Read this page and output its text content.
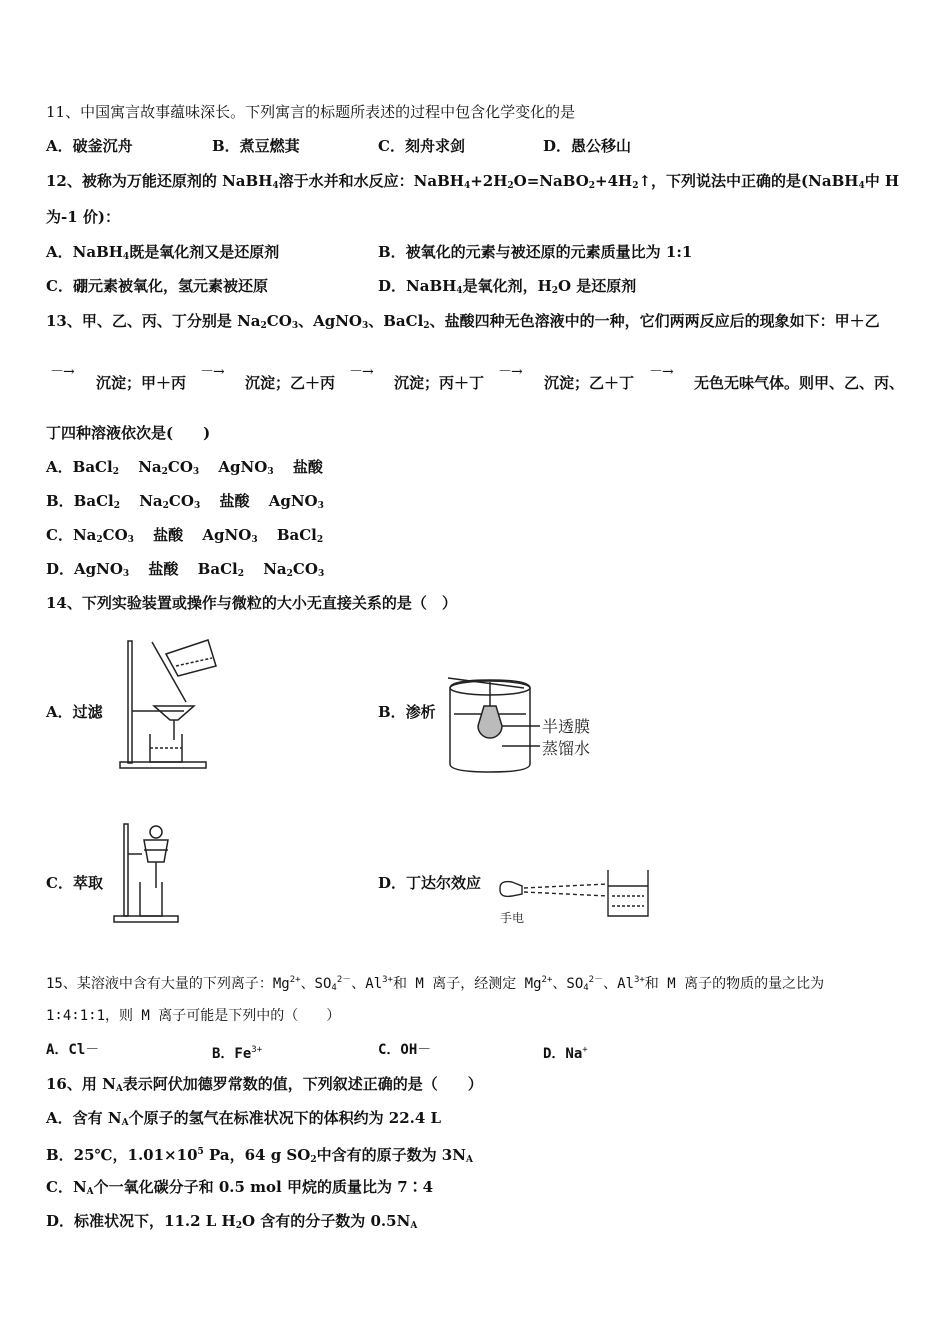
11、中国寓言故事蕴味深长。下列寓言的标题所表述的过程中包含化学变化的是
A．破釜沉舟	B．煮豆燃萁	C．刻舟求剑	D．愚公移山
12、被称为万能还原剂的 NaBH$_4$溶于水并和水反应：$NaBH_4+2H_2O=NaBO_2+4H_2↑$，下列说法中正确的是(NaBH$_4$中 H
为-1 价)：
A．NaBH$_4$既是氧化剂又是还原剂	B．被氧化的元素与被还原的元素质量比为 1:1
C．硼元素被氧化，氢元素被还原	D．NaBH$_4$是氧化剂，$H_2O$ 是还原剂
13、甲、乙、丙、丁分别是 $Na_2CO_3$、AgNO$_3$、BaCl$_2$、盐酸四种无色溶液中的一种，它们两两反应后的现象如下：甲＋乙
－→
沉淀；甲＋丙
－→
沉淀；乙＋丙
－→
沉淀；丙＋丁
－→
沉淀；乙＋丁
－→
无色无味气体。则甲、乙、丙、
丁四种溶液依次是(　　)
A．BaCl$_2$ $Na_2CO_3$ AgNO$_3$ 盐酸
B．BaCl$_2$ $Na_2CO_3$ 盐酸 AgNO$_3$
C．$Na_2CO_3$ 盐酸 AgNO$_3$ BaCl$_2$
D．AgNO$_3$ 盐酸 BaCl$_2$ $Na_2CO_3$
14、下列实验装置或操作与微粒的大小无直接关系的是（　）
A．过滤	B．渗析
C．萃取	D．丁达尔效应
半透膜
蒸馏水
手电
15、某溶液中含有大量的下列离子：$Mg^{2+}$、$SO_4^{2-}$、$Al^{3+}$和 M 离子，经测定 $Mg^{2+}$、$SO_4^{2-}$、$Al^{3+}$和 M 离子的物质的量之比为
1∶4∶1∶1，则 M 离子可能是下列中的（　　）
A．Cl－	B．$Fe^{3+}$	C．OH－	D．Na+
16、用 $N_A$表示阿伏加德罗常数的值，下列叙述正确的是（　　）
A．含有 $N_A$个原子的氢气在标准状况下的体积约为 22.4 L
B．25℃，$1.01\times 10^5$ Pa，64 g $SO_2$中含有的原子数为 $3N_A$
C．$N_A$个一氧化碳分子和 0.5 mol 甲烷的质量比为 7∶4
D．标准状况下，11.2 L $H_2O$ 含有的分子数为 $0.5N_A$
